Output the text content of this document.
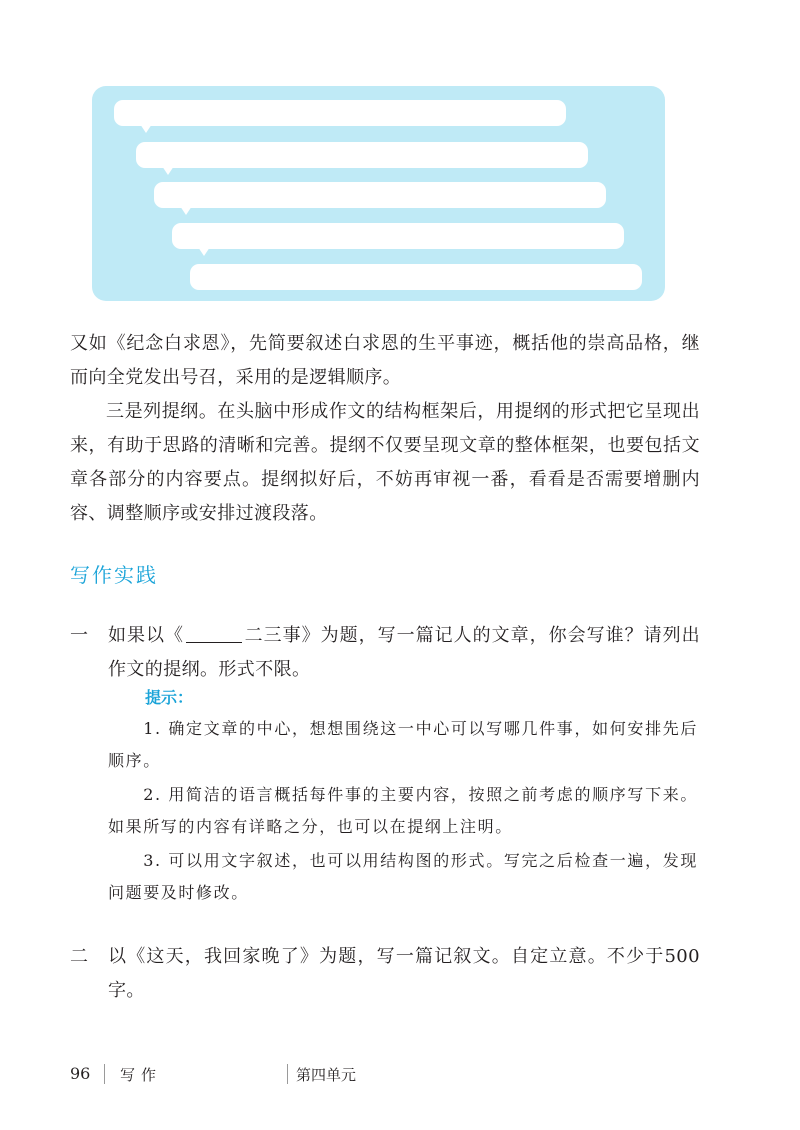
又如《纪念白求恩》，先简要叙述白求恩的生平事迹，概括他的崇高品格，继而向全党发出号召，采用的是逻辑顺序。

三是列提纲。在头脑中形成作文的结构框架后，用提纲的形式把它呈现出来，有助于思路的清晰和完善。提纲不仅要呈现文章的整体框架，也要包括文章各部分的内容要点。提纲拟好后，不妨再审视一番，看看是否需要增删内容、调整顺序或安排过渡段落。

写作实践
一 如果以《	二三事》为题，写一篇记人的文章，你会写谁？请列出作文的提纲。形式不限。
提示：

1. 确定文章的中心，想想围绕这一中心可以写哪几件事，如何安排先后顺序。

2. 用简洁的语言概括每件事的主要内容，按照之前考虑的顺序写下来。如果所写的内容有详略之分，也可以在提纲上注明。

3. 可以用文字叙述，也可以用结构图的形式。写完之后检查一遍，发现问题要及时修改。

二 以《这天，我回家晚了》为题，写一篇记叙文。自定立意。不少于500字。
96 写作	第四单元
